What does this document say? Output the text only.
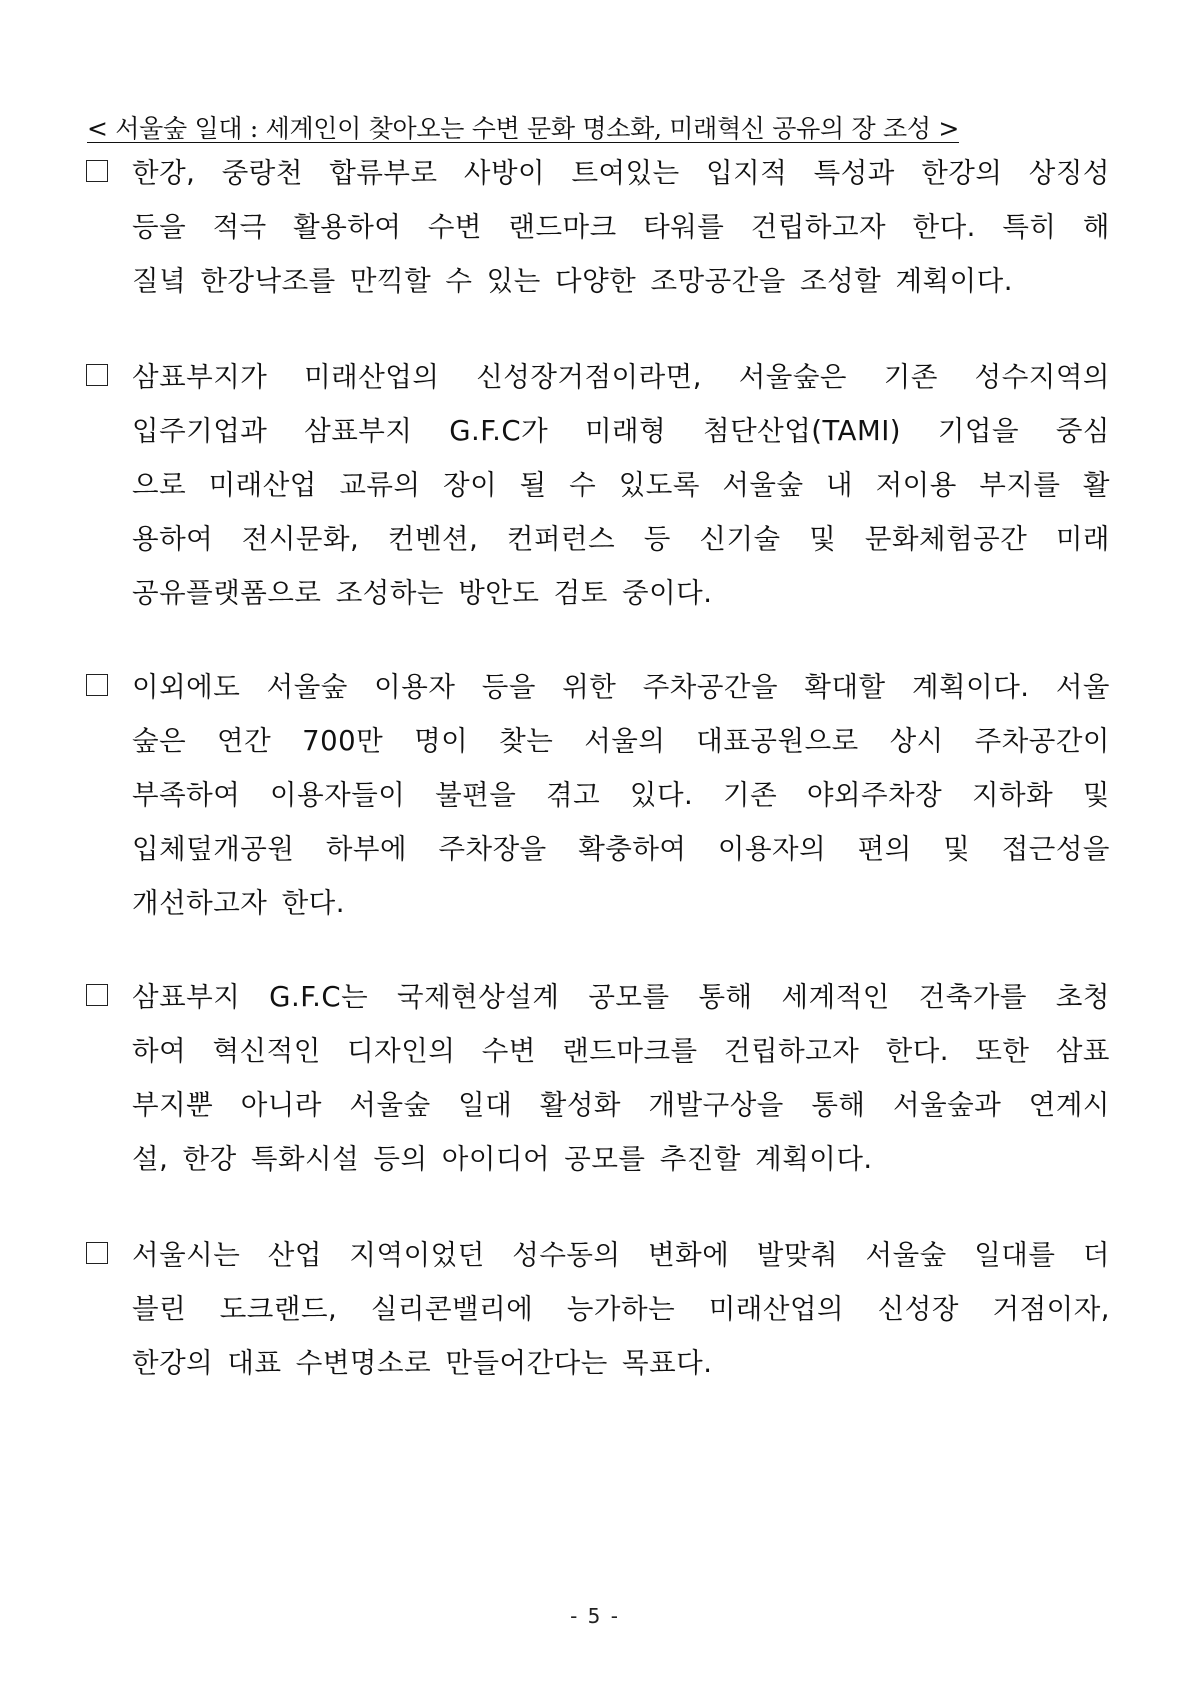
< 서울숲 일대 : 세계인이 찾아오는 수변 문화 명소화, 미래혁신 공유의 장 조성 >
한강, 중랑천 합류부로 사방이 트여있는 입지적 특성과 한강의 상징성
등을 적극 활용하여 수변 랜드마크 타워를 건립하고자 한다. 특히 해
질녘 한강낙조를 만끽할 수 있는 다양한 조망공간을 조성할 계획이다.
삼표부지가 미래산업의 신성장거점이라면, 서울숲은 기존 성수지역의
입주기업과 삼표부지 G.F.C가 미래형 첨단산업(TAMI) 기업을 중심
으로 미래산업 교류의 장이 될 수 있도록 서울숲 내 저이용 부지를 활
용하여 전시문화, 컨벤션, 컨퍼런스 등 신기술 및 문화체험공간 미래
공유플랫폼으로 조성하는 방안도 검토 중이다.
이외에도 서울숲 이용자 등을 위한 주차공간을 확대할 계획이다. 서울
숲은 연간 700만 명이 찾는 서울의 대표공원으로 상시 주차공간이
부족하여 이용자들이 불편을 겪고 있다. 기존 야외주차장 지하화 및
입체덮개공원 하부에 주차장을 확충하여 이용자의 편의 및 접근성을
개선하고자 한다.
삼표부지 G.F.C는 국제현상설계 공모를 통해 세계적인 건축가를 초청
하여 혁신적인 디자인의 수변 랜드마크를 건립하고자 한다. 또한 삼표
부지뿐 아니라 서울숲 일대 활성화 개발구상을 통해 서울숲과 연계시
설, 한강 특화시설 등의 아이디어 공모를 추진할 계획이다.
서울시는 산업 지역이었던 성수동의 변화에 발맞춰 서울숲 일대를 더
블린 도크랜드, 실리콘밸리에 능가하는 미래산업의 신성장 거점이자,
한강의 대표 수변명소로 만들어간다는 목표다.
- 5 -
